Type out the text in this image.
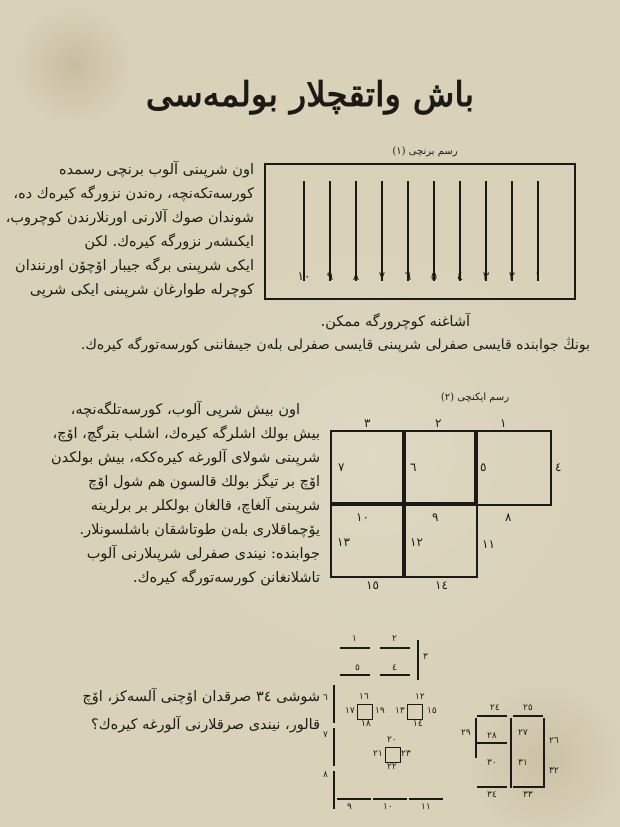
باش واتقچلار بولمەسى
اون شرپىنى آلوب برنچى رسمدە
كورسەتكەنچە، رەندن نزورگە كيرەك دە،
شوندان صوك آلارنى اورنلارندن كوچروب،
ايكىشەر نزورگە كيرەك. لكن
ايكى شرپىنى برگە جيبار اۆچۆن اورنندان
كوچرلە طوارغان شرپىنى ايكى شرپى
آشاغنە كوچرورگە ممكن.
بونڭ جوابندە قايسى صفرلى شرپىنى قايسى صفرلى بلەن جيىفاننى كورسەتورگە كيرەك.
رسم برنچى (١)
١
٢
٣
٤
٥
٦
٧
٨
٩
١٠
اون بيش شرپى آلوب، كورسەتلگەنچە،
بيش بولك اشلرگە كيرەك، اشلب بترگچ، اۆچ،
شرپىنى شولاى آلورغە كيرەككە، بيش بولكدن
اۆچ بر تيگز بولك قالسون هم شول اۆچ
شرپىنى آلغاچ، قالغان بولكلر بر برلرينه
يۆچماقلارى بلەن طوتاشقان باشلسونلار.
جوابندە: نيندى صفرلى شرپىلارنى آلوب
تاشلانغانن كورسەتورگە كيرەك.
رسم ايكنچى (٢)
١
٢
٣
٤
٥
٦
٧
٨
٩
١٠
١١
١٢
١٣
١٤
١٥
شوشى ٣٤ صرقدان اۆچنى آلسەكز، اۆچ
قالور، نيندى صرقلارنى آلورغە كيرەك؟
١	٢
٣
٤
٥
٦
٧
٨
٩	١٠	١١
١٢
١٣
١٤
١٥
١٦
١٧
١٨
١٩
٢٠
٢١
٢٢
٢٣
٢٤	٢٥
٢٦
٢٧
٢٨
٢٩
٣٠ ٣١
٣٢
٣٣
٣٤
